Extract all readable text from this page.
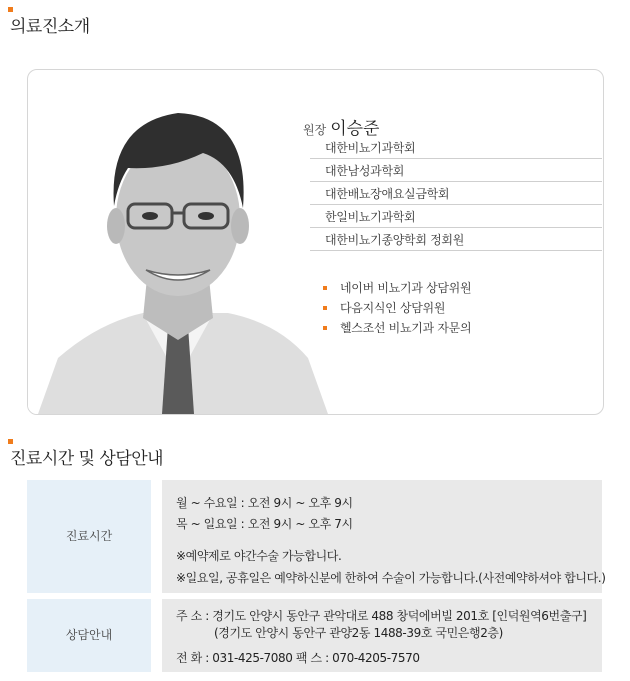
의료진소개
원장 이승준
대한비뇨기과학회
대한남성과학회
대한배뇨장애요실금학회
한일비뇨기과학회
대한비뇨기종양학회 정회원
네이버 비뇨기과 상담위원
다음지식인 상담위원
헬스조선 비뇨기과 자문의
진료시간 및 상담안내
진료시간
월 ~ 수요일 : 오전 9시 ~ 오후 9시
목 ~ 일요일 : 오전 9시 ~ 오후 7시
※예약제로 야간수술 가능합니다.
※일요일, 공휴일은 예약하신분에 한하여 수술이 가능합니다.(사전예약하셔야 합니다.)
상담안내
주 소 : 경기도 안양시 동안구 관악대로 488 창덕에버빌 201호 [인덕원역6번출구]
(경기도 안양시 동안구 관양2동 1488-39호 국민은행2층)
전 화 : 031-425-7080 팩 스 : 070-4205-7570
